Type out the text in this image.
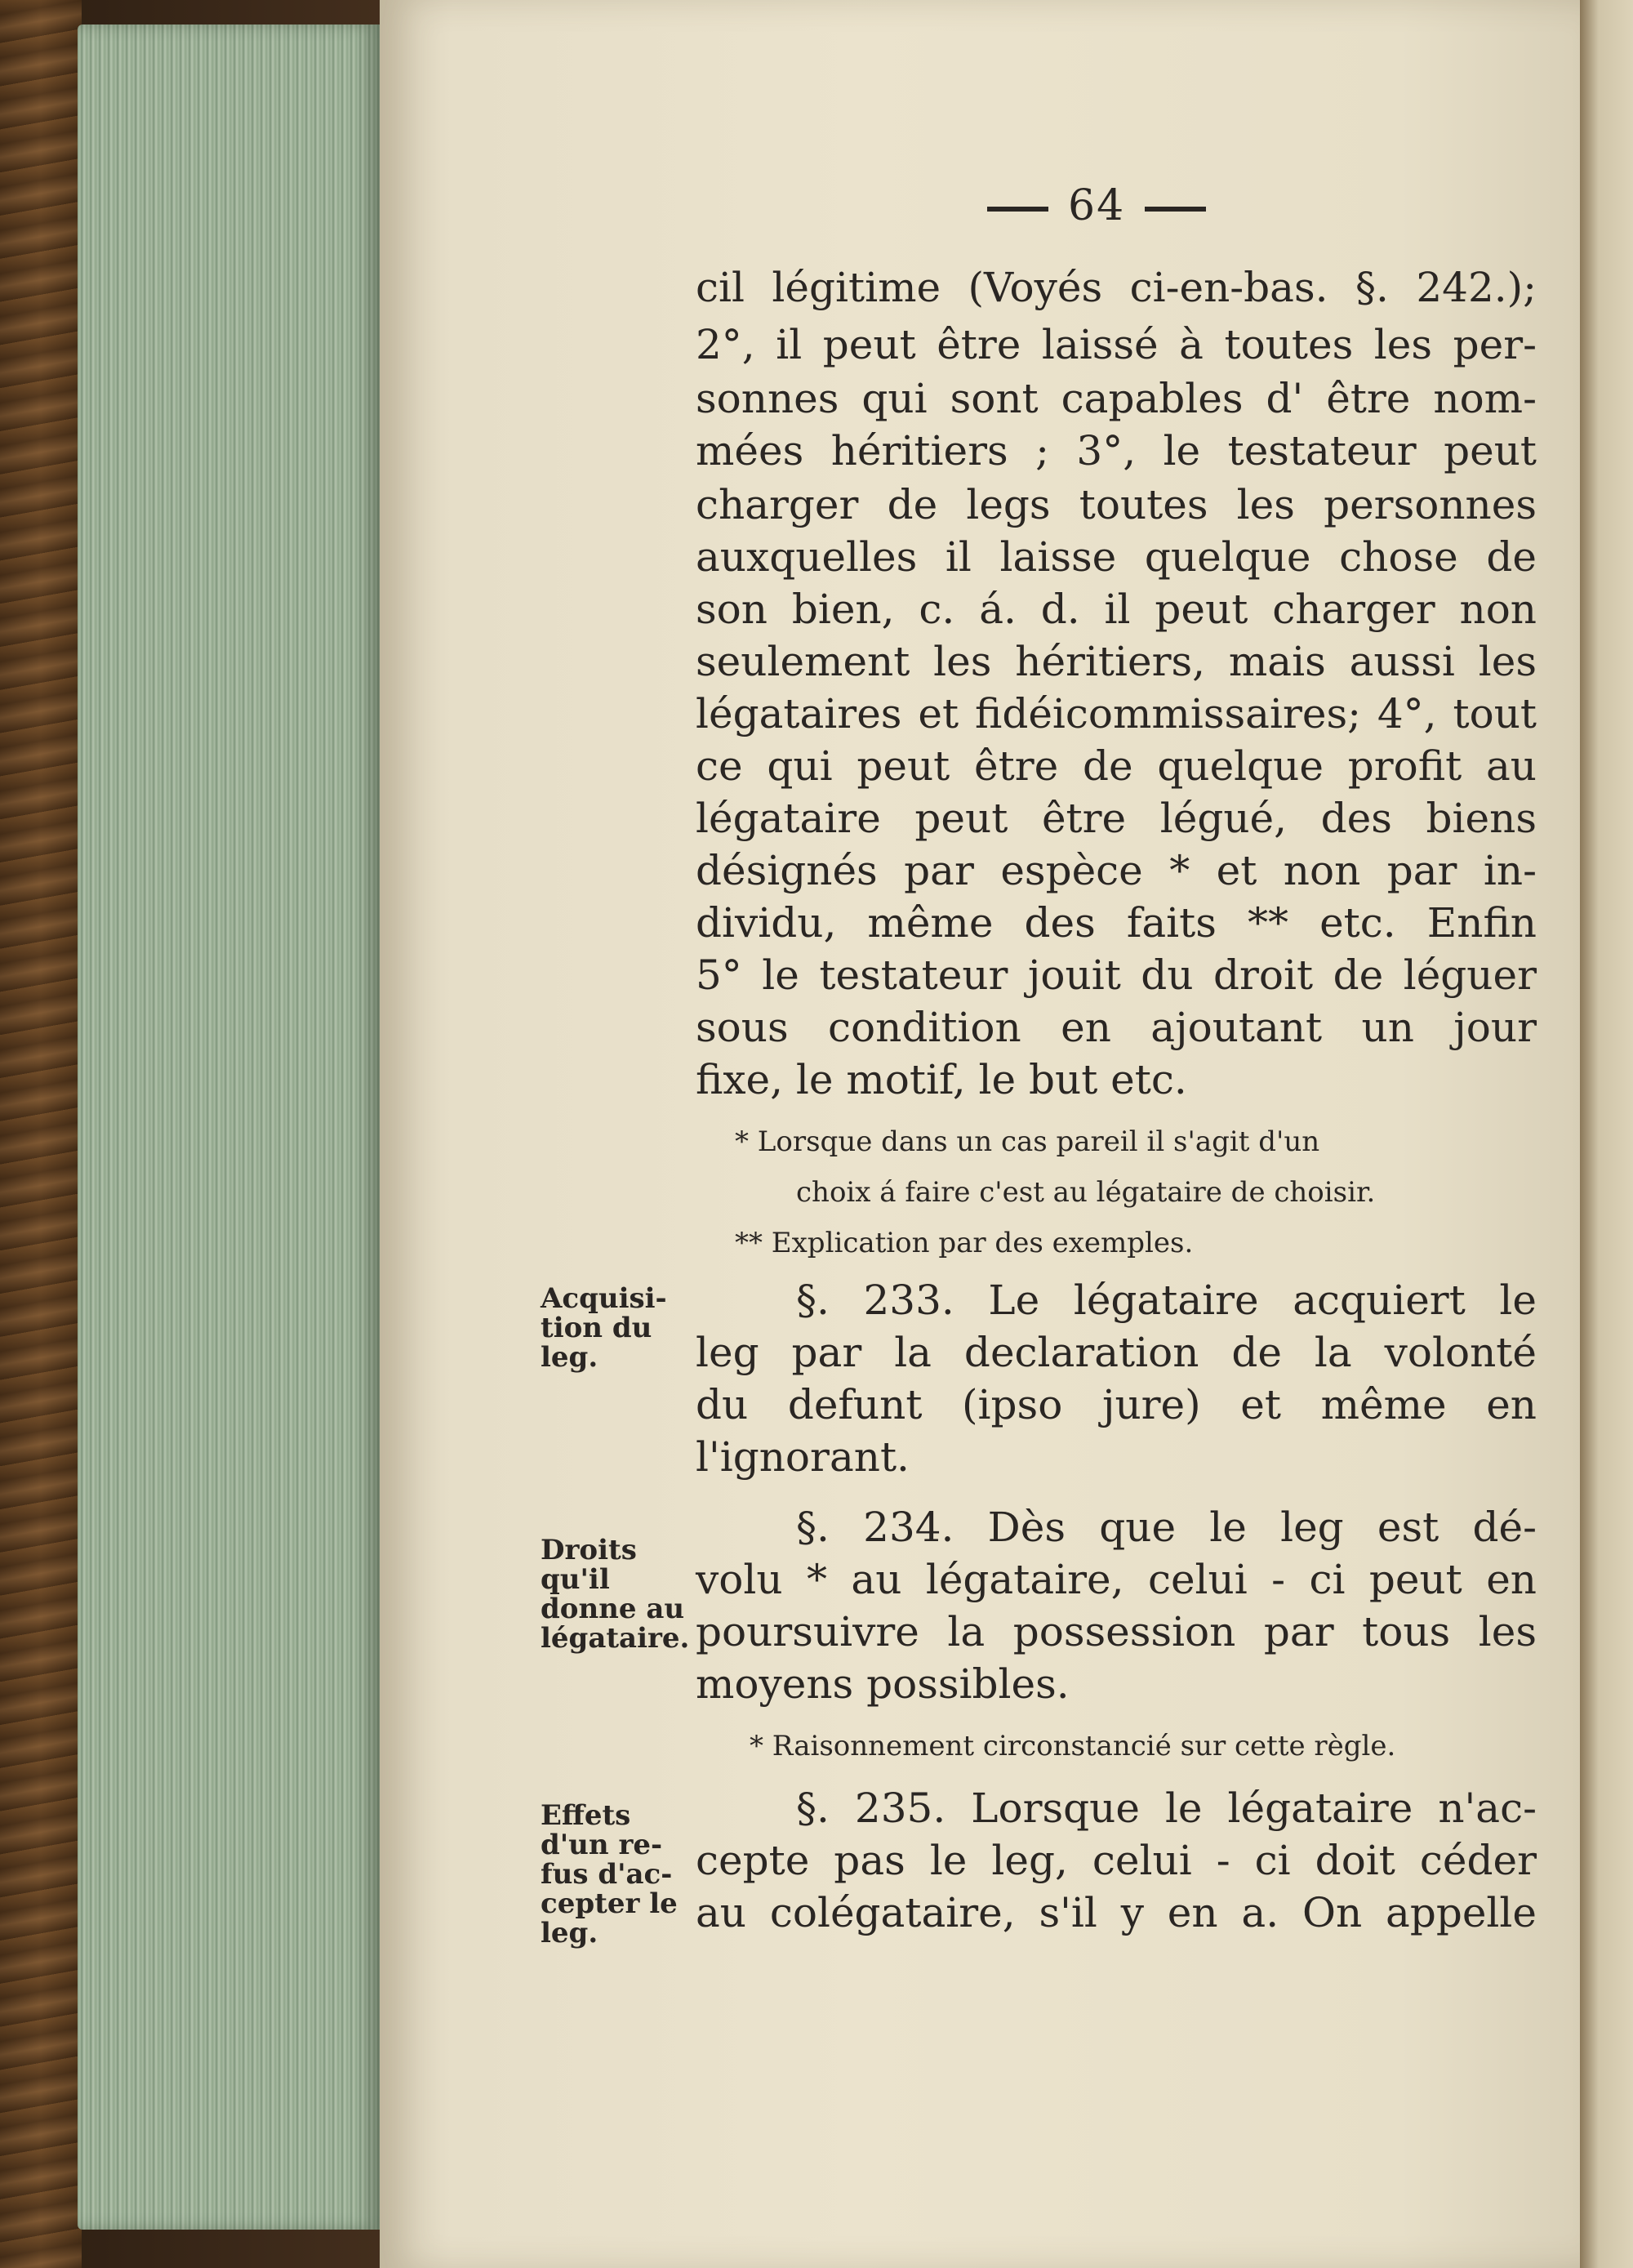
64
cil légitime (Voyés ci-en-bas. §. 242.);
2°, il peut être laissé à toutes les per-
sonnes qui sont capables d' être nom-
mées héritiers ; 3°, le testateur peut
charger de legs toutes les personnes
auxquelles il laisse quelque chose de
son bien, c. á. d. il peut charger non
seulement les héritiers, mais aussi les
légataires et fidéicommissaires; 4°, tout
ce qui peut être de quelque profit au
légataire peut être légué, des biens
désignés par espèce * et non par in-
dividu, même des faits ** etc. Enfin
5° le testateur jouit du droit de léguer
sous condition en ajoutant un jour
fixe, le motif, le but etc.
* Lorsque dans un cas pareil il s'agit d'un
choix á faire c'est au légataire de choisir.
** Explication par des exemples.
Acquisi-
tion du
leg.
§. 233. Le légataire acquiert le
leg par la declaration de la volonté
du defunt (ipso jure) et même en
l'ignorant.
Droits
qu'il
donne au
légataire.
§. 234. Dès que le leg est dé-
volu * au légataire, celui - ci peut en
poursuivre la possession par tous les
moyens possibles.
* Raisonnement circonstancié sur cette règle.
Effets
d'un re-
fus d'ac-
cepter le
leg.
§. 235. Lorsque le légataire n'ac-
cepte pas le leg, celui - ci doit céder
au colégataire, s'il y en a. On appelle
